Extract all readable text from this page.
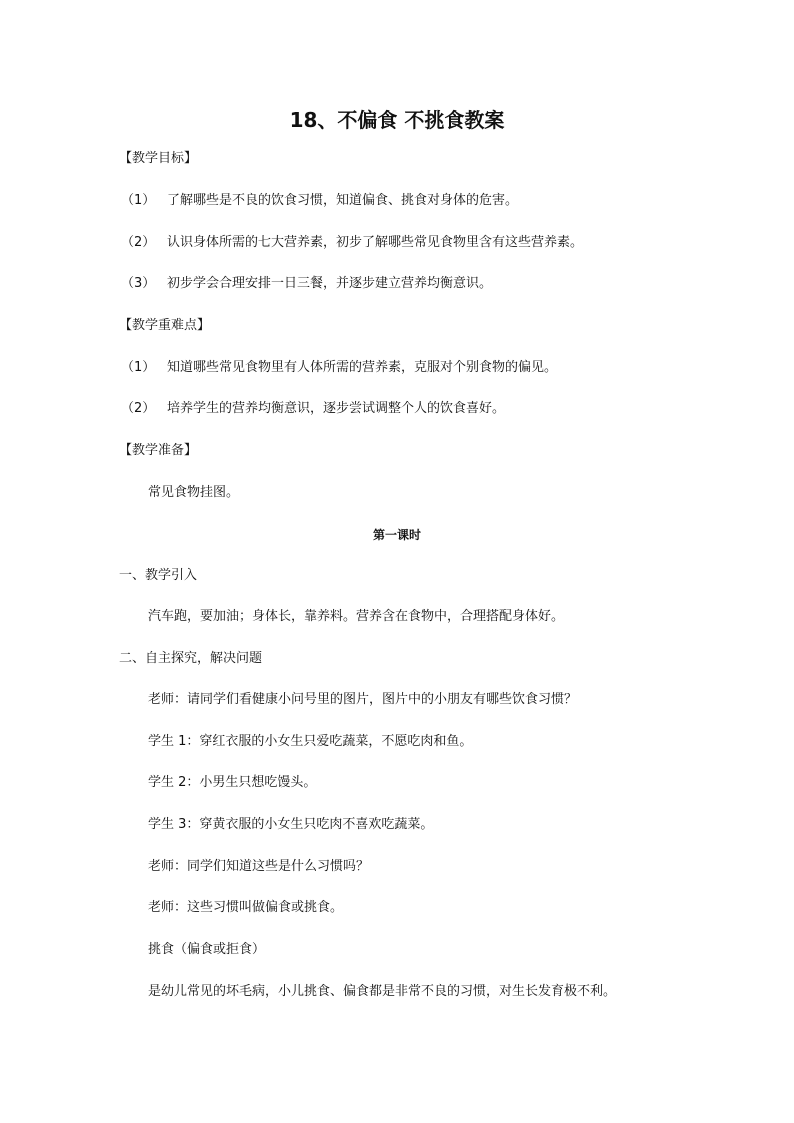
18、不偏食 不挑食教案
【教学目标】
（1） 了解哪些是不良的饮食习惯，知道偏食、挑食对身体的危害。
（2） 认识身体所需的七大营养素，初步了解哪些常见食物里含有这些营养素。
（3） 初步学会合理安排一日三餐，并逐步建立营养均衡意识。
【教学重难点】
（1） 知道哪些常见食物里有人体所需的营养素，克服对个别食物的偏见。
（2） 培养学生的营养均衡意识，逐步尝试调整个人的饮食喜好。
【教学准备】
常见食物挂图。
第一课时
一、教学引入
汽车跑，要加油；身体长，靠养料。营养含在食物中，合理搭配身体好。
二、自主探究，解决问题
老师：请同学们看健康小问号里的图片，图片中的小朋友有哪些饮食习惯？
学生 1：穿红衣服的小女生只爱吃蔬菜，不愿吃肉和鱼。
学生 2：小男生只想吃馒头。
学生 3：穿黄衣服的小女生只吃肉不喜欢吃蔬菜。
老师：同学们知道这些是什么习惯吗？
老师：这些习惯叫做偏食或挑食。
挑食（偏食或拒食）
是幼儿常见的坏毛病，小儿挑食、偏食都是非常不良的习惯，对生长发育极不利。
